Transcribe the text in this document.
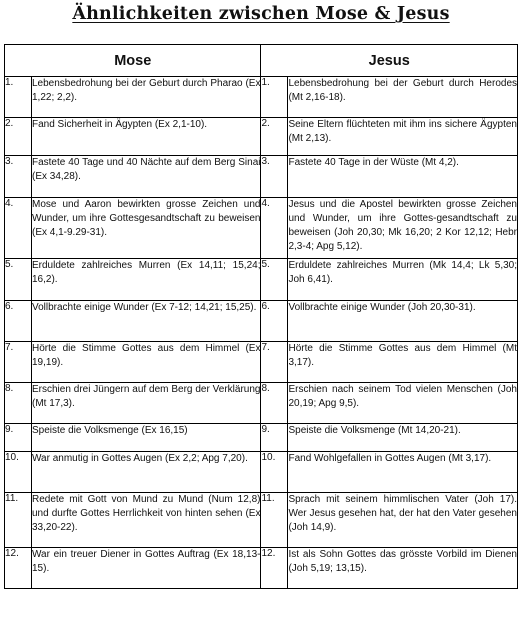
Ähnlichkeiten zwischen Mose & Jesus
Mose		Jesus	
1.	Lebensbedrohung bei der Geburt durch Pharao (Ex 1,22; 2,2).	1.	Lebensbedrohung bei der Geburt durch Herodes (Mt 2,16-18).
2.	Fand Sicherheit in Ägypten (Ex 2,1-10).	2.	Seine Eltern flüchteten mit ihm ins sichere Ägypten (Mt 2,13).
3.	Fastete 40 Tage und 40 Nächte auf dem Berg Sinai (Ex 34,28).	3.	Fastete 40 Tage in der Wüste (Mt 4,2).
4.	Mose und Aaron bewirkten grosse Zeichen und Wunder, um ihre Gottesgesandtschaft zu beweisen (Ex 4,1-9.29-31).	4.	Jesus und die Apostel bewirkten grosse Zeichen und Wunder, um ihre Gottes-gesandtschaft zu beweisen (Joh 20,30; Mk 16,20; 2 Kor 12,12; Hebr 2,3-4; Apg 5,12).
5.	Erduldete zahlreiches Murren (Ex 14,11; 15,24; 16,2).	5.	Erduldete zahlreiches Murren (Mk 14,4; Lk 5,30; Joh 6,41).
6.	Vollbrachte einige Wunder (Ex 7-12; 14,21; 15,25).	6.	Vollbrachte einige Wunder (Joh 20,30-31).
7.	Hörte die Stimme Gottes aus dem Himmel (Ex 19,19).	7.	Hörte die Stimme Gottes aus dem Himmel (Mt 3,17).
8.	Erschien drei Jüngern auf dem Berg der Verklärung (Mt 17,3).	8.	Erschien nach seinem Tod vielen Menschen (Joh 20,19; Apg 9,5).
9.	Speiste die Volksmenge (Ex 16,15)	9.	Speiste die Volksmenge (Mt 14,20-21).
10.	War anmutig in Gottes Augen (Ex 2,2; Apg 7,20).	10.	Fand Wohlgefallen in Gottes Augen (Mt 3,17).
11.	Redete mit Gott von Mund zu Mund (Num 12,8) und durfte Gottes Herrlichkeit von hinten sehen (Ex 33,20-22).	11.	Sprach mit seinem himmlischen Vater (Joh 17). Wer Jesus gesehen hat, der hat den Vater gesehen (Joh 14,9).
12.	War ein treuer Diener in Gottes Auftrag (Ex 18,13-15).	12.	Ist als Sohn Gottes das grösste Vorbild im Dienen (Joh 5,19; 13,15).
